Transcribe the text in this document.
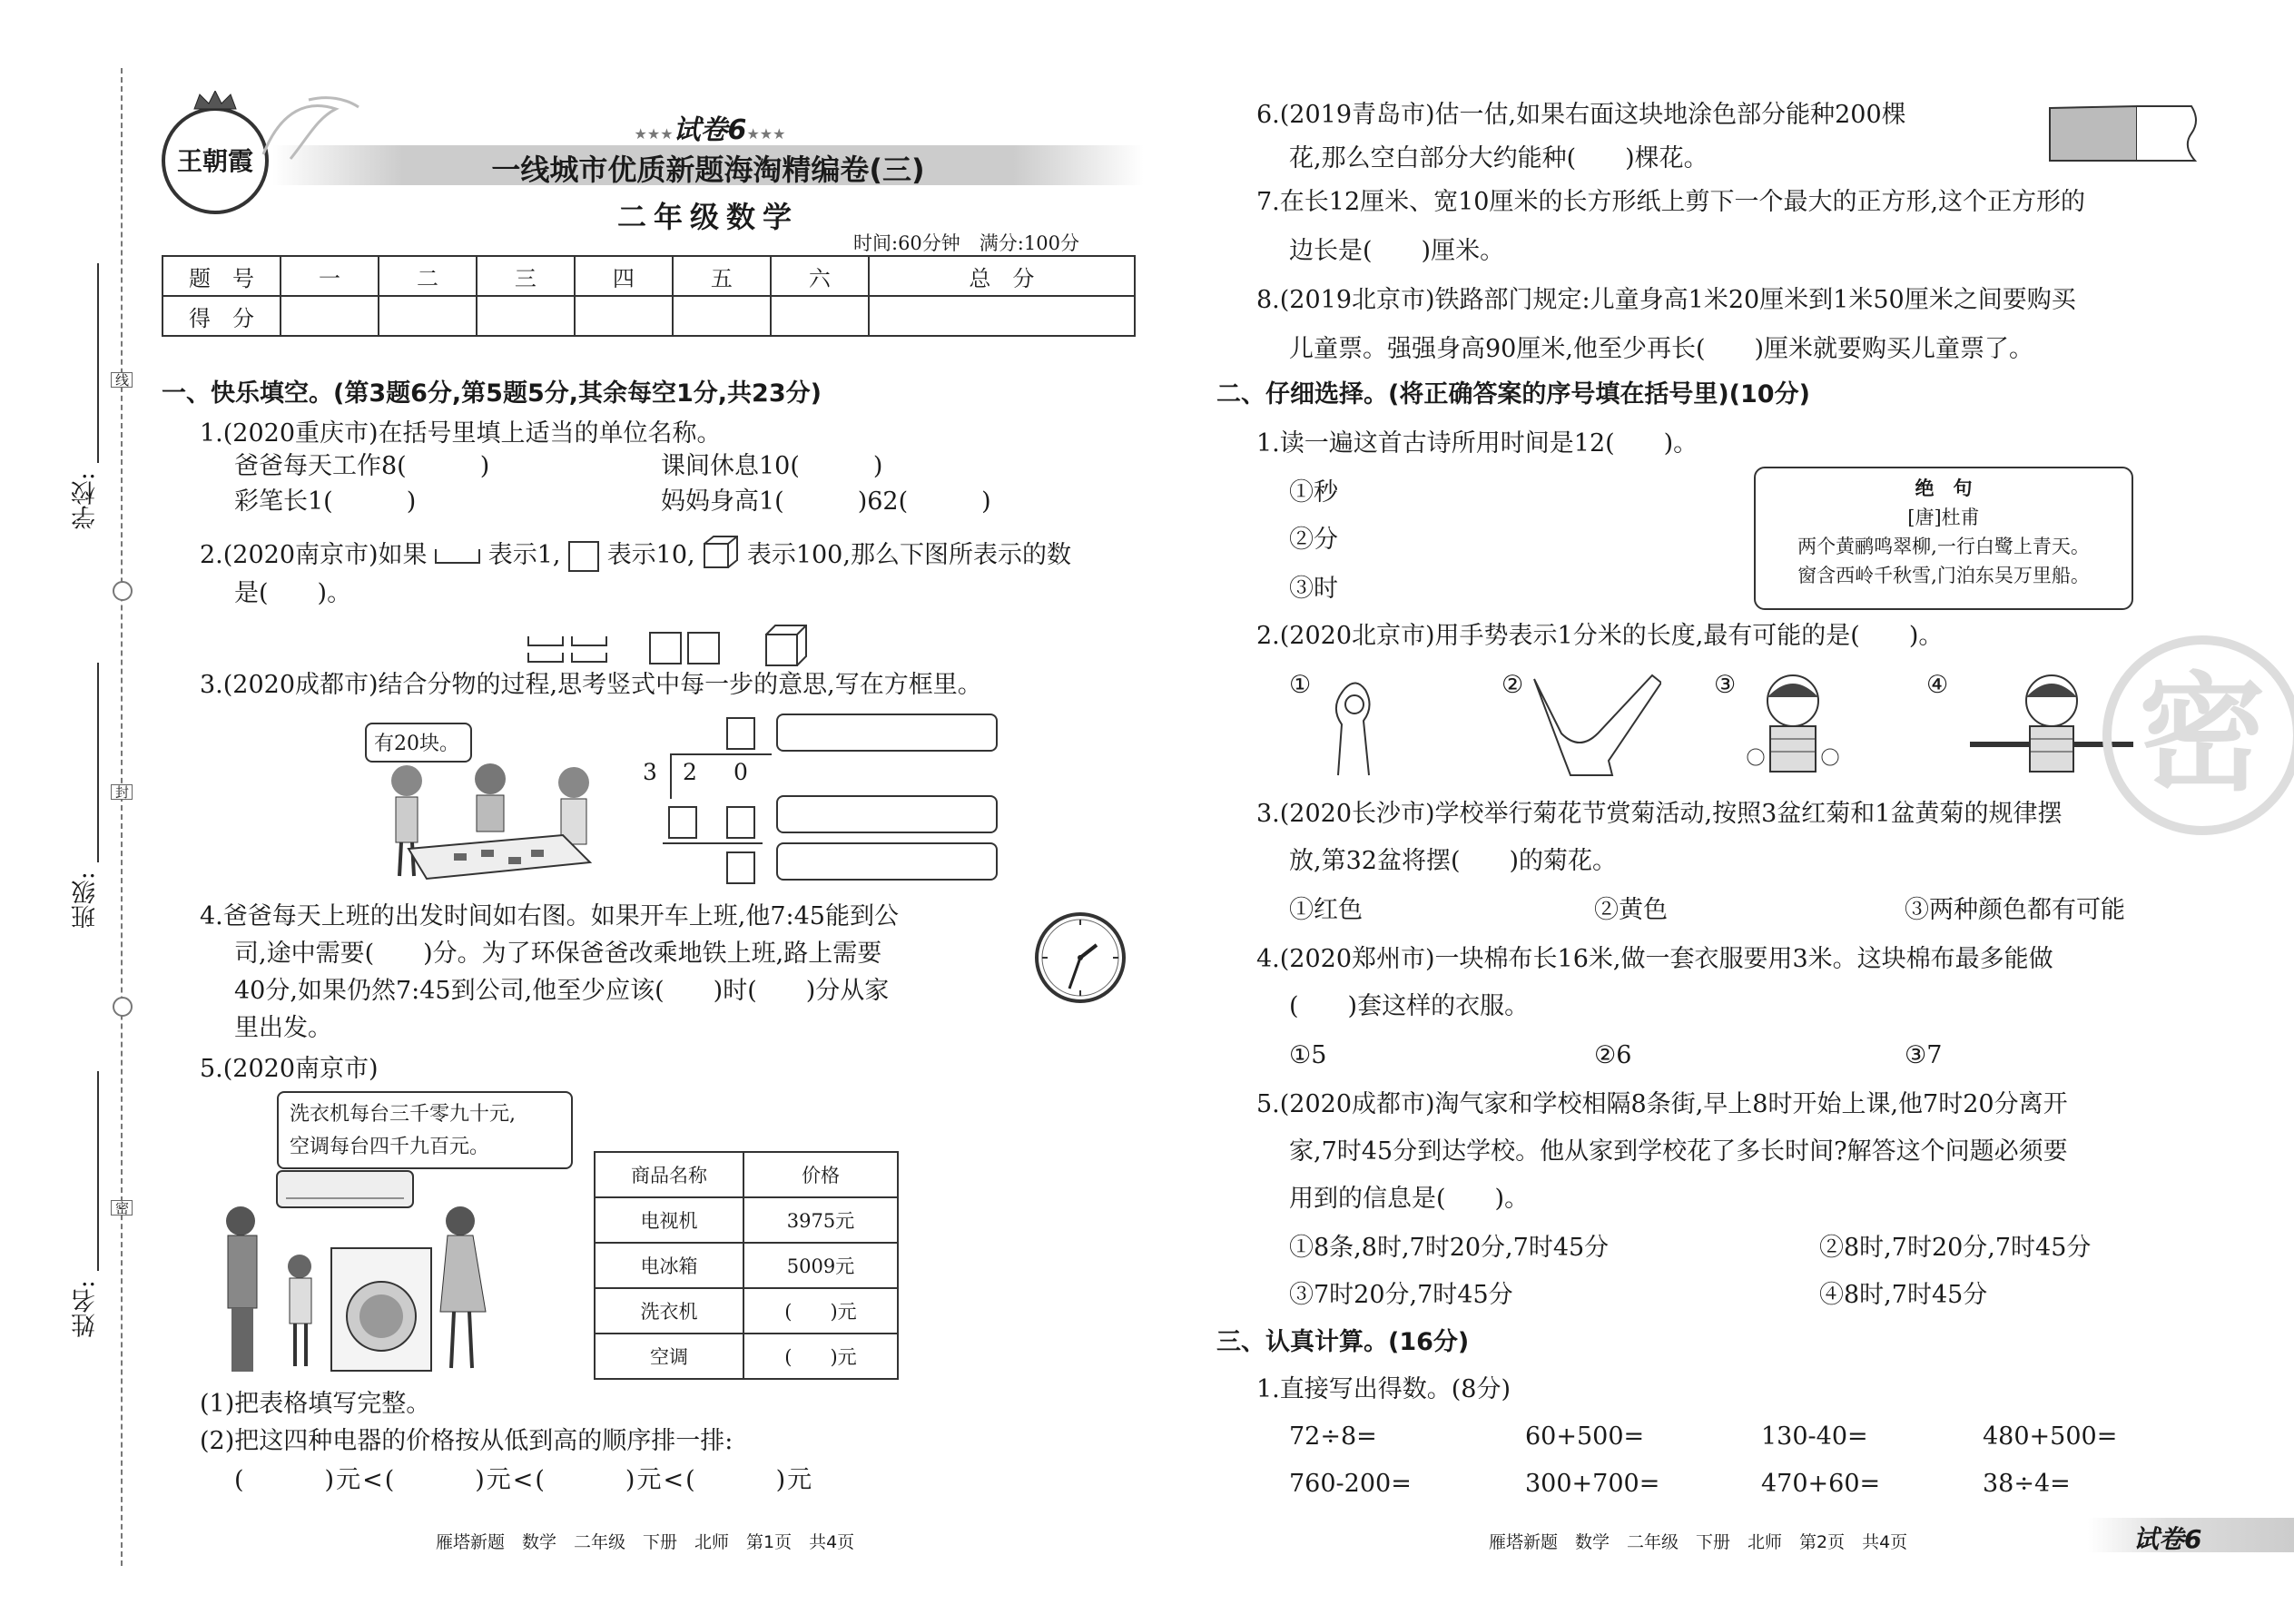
线
封
密
学校:
班级:
姓名:
王朝霞
★★★试卷6★★★
一线城市优质新题海淘精编卷(三)
二年级数学
时间:60分钟　满分:100分
题　号	一	二	三	四	五	六	总　分
得　分							
一、快乐填空。(第3题6分,第5题5分,其余每空1分,共23分)
1.(2020重庆市)在括号里填上适当的单位名称。
爸爸每天工作8(　　　)	课间休息10(　　　)
彩笔长1(　　　)	妈妈身高1(　　　)62(　　　)
2.(2020南京市)如果 表示1, 表示10, 表示100,那么下图所表示的数
是(　　)。
3.(2020成都市)结合分物的过程,思考竖式中每一步的意思,写在方框里。
有20块。
3 2 0
4.爸爸每天上班的出发时间如右图。如果开车上班,他7:45能到公
司,途中需要(　　)分。为了环保爸爸改乘地铁上班,路上需要
40分,如果仍然7:45到公司,他至少应该(　　)时(　　)分从家
里出发。
5.(2020南京市)
洗衣机每台三千零九十元,
空调每台四千九百元。
商品名称	价格
电视机	3975元
电冰箱	5009元
洗衣机	(　　)元
空调	(　　)元
(1)把表格填写完整。
(2)把这四种电器的价格按从低到高的顺序排一排:
(　　　)元<(　　　)元<(　　　)元<(　　　)元
雁塔新题　数学　二年级　下册　北师　第1页　共4页
6.(2019青岛市)估一估,如果右面这块地涂色部分能种200棵
花,那么空白部分大约能种(　　)棵花。
7.在长12厘米、宽10厘米的长方形纸上剪下一个最大的正方形,这个正方形的
边长是(　　)厘米。
8.(2019北京市)铁路部门规定:儿童身高1米20厘米到1米50厘米之间要购买
儿童票。强强身高90厘米,他至少再长(　　)厘米就要购买儿童票了。
二、仔细选择。(将正确答案的序号填在括号里)(10分)
1.读一遍这首古诗所用时间是12(　　)。
①秒
②分
③时
绝　句
[唐]杜甫
两个黄鹂鸣翠柳,一行白鹭上青天。
窗含西岭千秋雪,门泊东吴万里船。
2.(2020北京市)用手势表示1分米的长度,最有可能的是(　　)。
①	②	③	④
3.(2020长沙市)学校举行菊花节赏菊活动,按照3盆红菊和1盆黄菊的规律摆
放,第32盆将摆(　　)的菊花。
①红色	②黄色	③两种颜色都有可能
4.(2020郑州市)一块棉布长16米,做一套衣服要用3米。这块棉布最多能做
(　　)套这样的衣服。
①5	②6	③7
5.(2020成都市)淘气家和学校相隔8条街,早上8时开始上课,他7时20分离开
家,7时45分到达学校。他从家到学校花了多长时间?解答这个问题必须要
用到的信息是(　　)。
①8条,8时,7时20分,7时45分	②8时,7时20分,7时45分
③7时20分,7时45分	④8时,7时45分
三、认真计算。(16分)
1.直接写出得数。(8分)
72÷8=	60+500=	130-40=	480+500=
760-200=	300+700=	470+60=	38÷4=
雁塔新题　数学　二年级　下册　北师　第2页　共4页	试卷6
密
